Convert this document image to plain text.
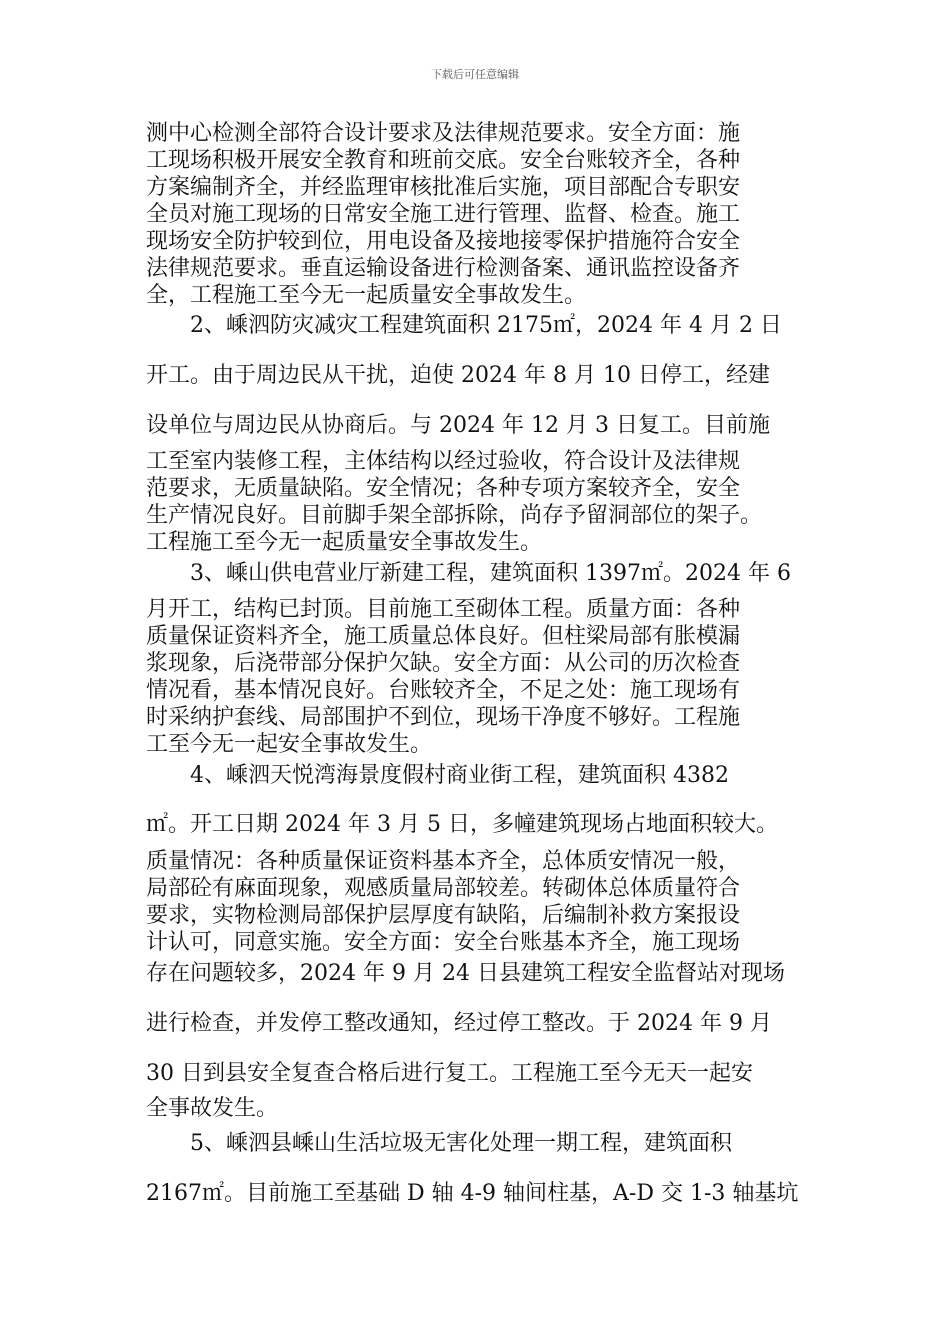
下载后可任意编辑
测中心检测全部符合设计要求及法律规范要求。安全方面：施
工现场积极开展安全教育和班前交底。安全台账较齐全，各种
方案编制齐全，并经监理审核批准后实施，项目部配合专职安
全员对施工现场的日常安全施工进行管理、监督、检查。施工
现场安全防护较到位，用电设备及接地接零保护措施符合安全
法律规范要求。垂直运输设备进行检测备案、通讯监控设备齐
全，工程施工至今无一起质量安全事故发生。
2、嵊泗防灾减灾工程建筑面积 2175㎡，2024 年 4 月 2 日
开工。由于周边民从干扰，迫使 2024 年 8 月 10 日停工，经建
设单位与周边民从协商后。与 2024 年 12 月 3 日复工。目前施
工至室内装修工程，主体结构以经过验收，符合设计及法律规
范要求，无质量缺陷。安全情况；各种专项方案较齐全，安全
生产情况良好。目前脚手架全部拆除，尚存予留洞部位的架子。
工程施工至今无一起质量安全事故发生。
3、嵊山供电营业厅新建工程，建筑面积 1397㎡。2024 年 6
月开工，结构已封顶。目前施工至砌体工程。质量方面：各种
质量保证资料齐全，施工质量总体良好。但柱梁局部有胀模漏
浆现象，后浇带部分保护欠缺。安全方面：从公司的历次检查
情况看，基本情况良好。台账较齐全，不足之处：施工现场有
时采纳护套线、局部围护不到位，现场干净度不够好。工程施
工至今无一起安全事故发生。
4、嵊泗天悦湾海景度假村商业街工程，建筑面积 4382
㎡。开工日期 2024 年 3 月 5 日，多幢建筑现场占地面积较大。
质量情况：各种质量保证资料基本齐全，总体质安情况一般，
局部砼有麻面现象，观感质量局部较差。转砌体总体质量符合
要求，实物检测局部保护层厚度有缺陷，后编制补救方案报设
计认可，同意实施。安全方面：安全台账基本齐全，施工现场
存在问题较多，2024 年 9 月 24 日县建筑工程安全监督站对现场
进行检查，并发停工整改通知，经过停工整改。于 2024 年 9 月
30 日到县安全复查合格后进行复工。工程施工至今无天一起安
全事故发生。
5、嵊泗县嵊山生活垃圾无害化处理一期工程，建筑面积
2167㎡。目前施工至基础 D 轴 4-9 轴间柱基，A-D 交 1-3 轴基坑
